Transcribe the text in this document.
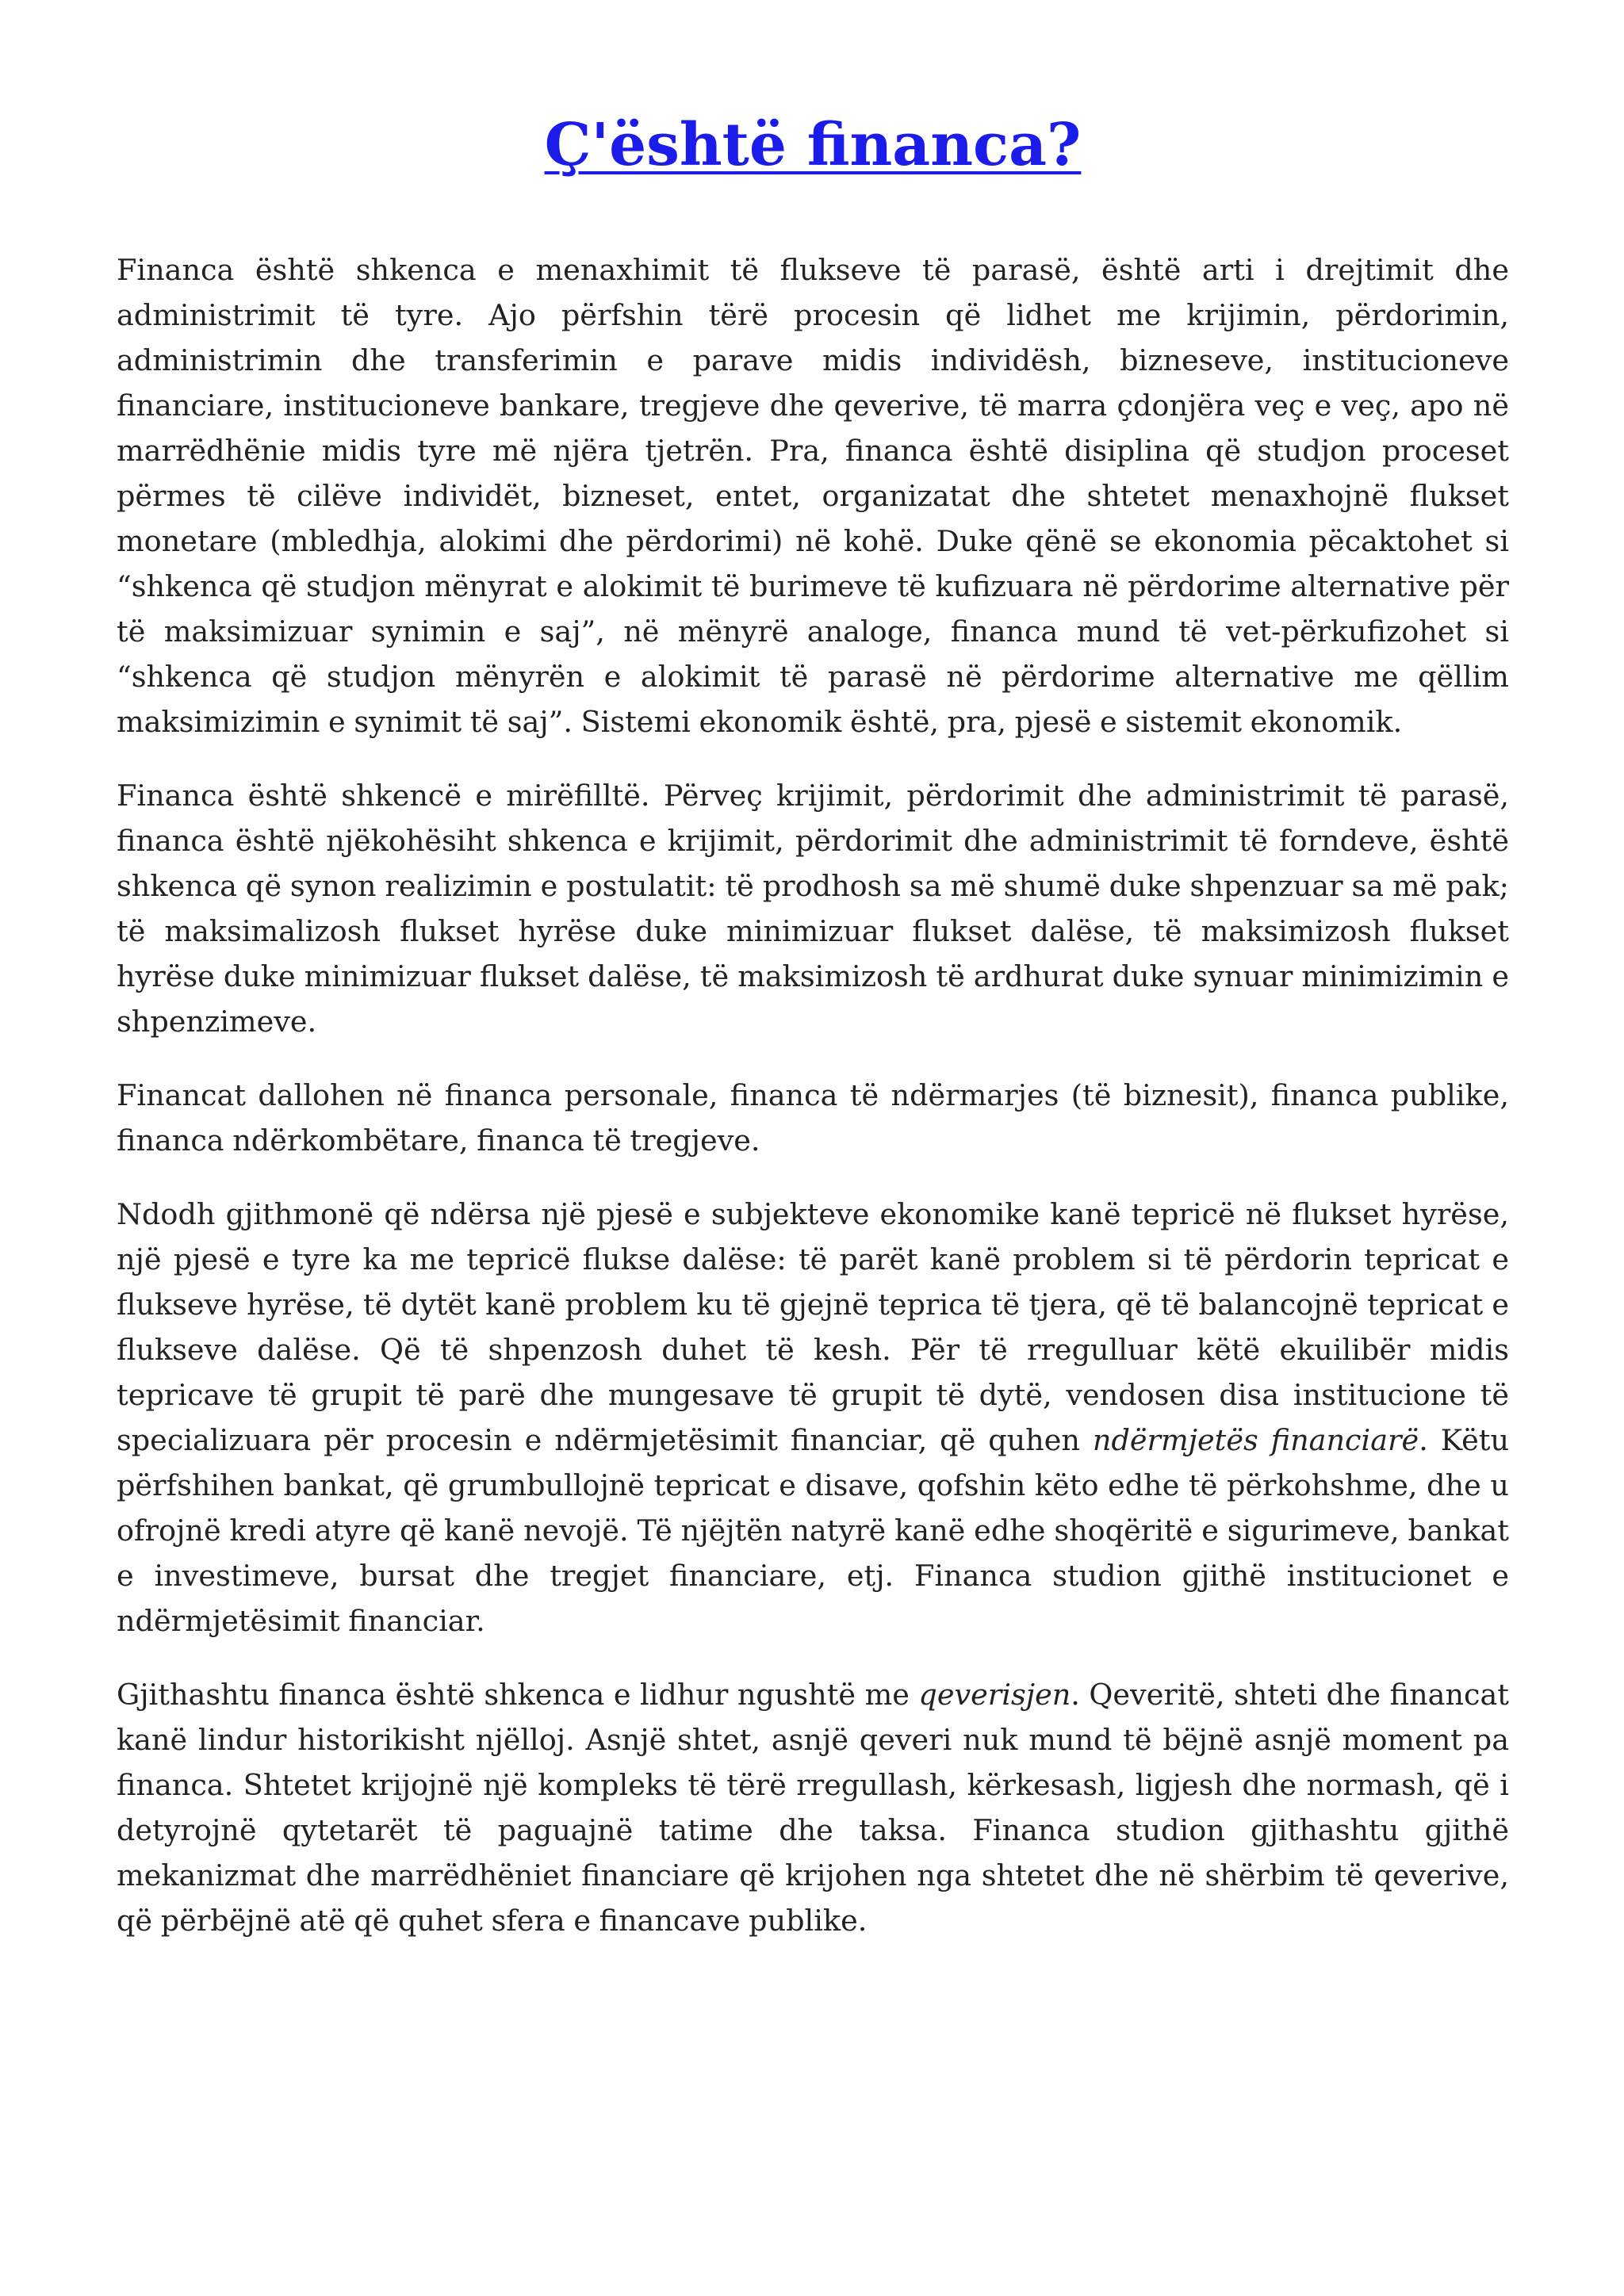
Ç'është financa?

Financa është shkenca e menaxhimit të flukseve të parasë, është arti i drejtimit dhe administrimit të tyre. Ajo përfshin tërë procesin që lidhet me krijimin, përdorimin, administrimin dhe transferimin e parave midis individësh, bizneseve, institucioneve financiare, institucioneve bankare, tregjeve dhe qeverive, të marra çdonjëra veç e veç, apo në marrëdhënie midis tyre më njëra tjetrën. Pra, financa është disiplina që studjon proceset përmes të cilëve individët, bizneset, entet, organizatat dhe shtetet menaxhojnë flukset monetare (mbledhja, alokimi dhe përdorimi) në kohë. Duke qënë se ekonomia pëcaktohet si “shkenca që studjon mënyrat e alokimit të burimeve të kufizuara në përdorime alternative për të maksimizuar synimin e saj”, në mënyrë analoge, financa mund të vet-përkufizohet si “shkenca që studjon mënyrën e alokimit të parasë në përdorime alternative me qëllim maksimizimin e synimit të saj”. Sistemi ekonomik është, pra, pjesë e sistemit ekonomik.

Financa është shkencë e mirëfilltë. Përveç krijimit, përdorimit dhe administrimit të parasë, financa është njëkohësiht shkenca e krijimit, përdorimit dhe administrimit të forndeve, është shkenca që synon realizimin e postulatit: të prodhosh sa më shumë duke shpenzuar sa më pak; të maksimalizosh flukset hyrëse duke minimizuar flukset dalëse, të maksimizosh flukset hyrëse duke minimizuar flukset dalëse, të maksimizosh të ardhurat duke synuar minimizimin e shpenzimeve.

Financat dallohen në financa personale, financa të ndërmarjes (të biznesit), financa publike, financa ndërkombëtare, financa të tregjeve.

Ndodh gjithmonë që ndërsa një pjesë e subjekteve ekonomike kanë tepricë në flukset hyrëse, një pjesë e tyre ka me tepricë flukse dalëse: të parët kanë problem si të përdorin tepricat e flukseve hyrëse, të dytët kanë problem ku të gjejnë teprica të tjera, që të balancojnë tepricat e flukseve dalëse. Që të shpenzosh duhet të kesh. Për të rregulluar këtë ekuilibër midis tepricave të grupit të parë dhe mungesave të grupit të dytë, vendosen disa institucione të specializuara për procesin e ndërmjetësimit financiar, që quhen ndërmjetës financiarë. Këtu përfshihen bankat, që grumbullojnë tepricat e disave, qofshin këto edhe të përkohshme, dhe u ofrojnë kredi atyre që kanë nevojë. Të njëjtën natyrë kanë edhe shoqëritë e sigurimeve, bankat e investimeve, bursat dhe tregjet financiare, etj. Financa studion gjithë institucionet e ndërmjetësimit financiar.

Gjithashtu financa është shkenca e lidhur ngushtë me qeverisjen. Qeveritë, shteti dhe financat kanë lindur historikisht njëlloj. Asnjë shtet, asnjë qeveri nuk mund të bëjnë asnjë moment pa financa. Shtetet krijojnë një kompleks të tërë rregullash, kërkesash, ligjesh dhe normash, që i detyrojnë qytetarët të paguajnë tatime dhe taksa. Financa studion gjithashtu gjithë mekanizmat dhe marrëdhëniet financiare që krijohen nga shtetet dhe në shërbim të qeverive, që përbëjnë atë që quhet sfera e financave publike.
